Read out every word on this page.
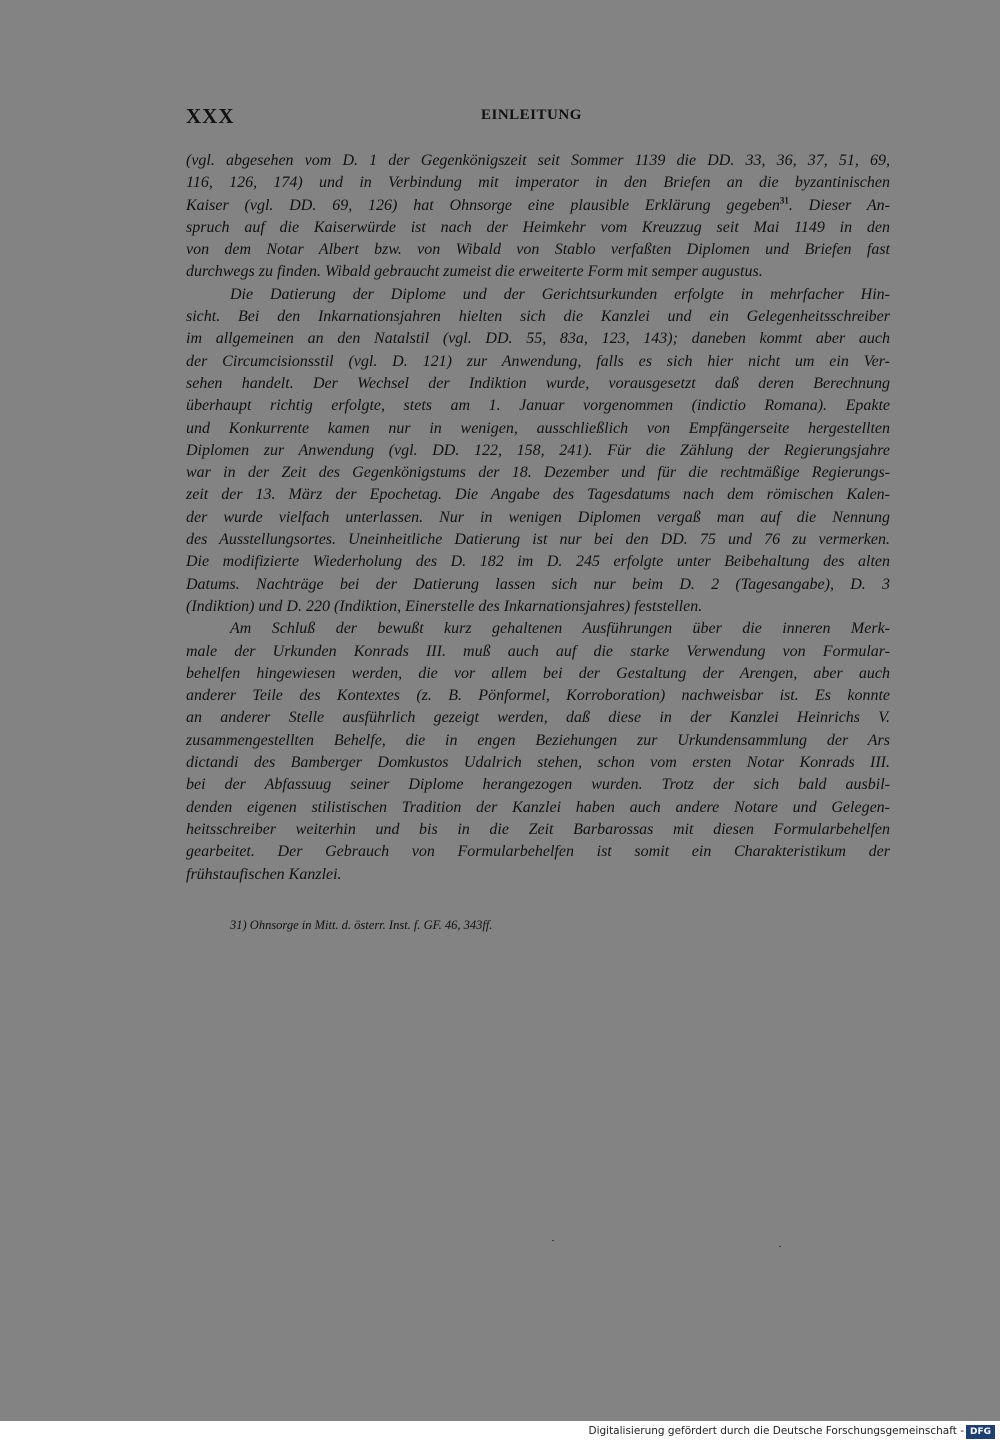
XXX	EINLEITUNG
(vgl. abgesehen vom D. 1 der Gegenkönigszeit seit Sommer 1139 die DD. 33, 36, 37, 51, 69,
116, 126, 174) und in Verbindung mit imperator in den Briefen an die byzantinischen
Kaiser (vgl. DD. 69, 126) hat Ohnsorge eine plausible Erklärung gegeben$^{31}$. Dieser An-
spruch auf die Kaiserwürde ist nach der Heimkehr vom Kreuzzug seit Mai 1149 in den
von dem Notar Albert bzw. von Wibald von Stablo verfaßten Diplomen und Briefen fast
durchwegs zu finden. Wibald gebraucht zumeist die erweiterte Form mit semper augustus.
Die Datierung der Diplome und der Gerichtsurkunden erfolgte in mehrfacher Hin-
sicht. Bei den Inkarnationsjahren hielten sich die Kanzlei und ein Gelegenheitsschreiber
im allgemeinen an den Natalstil (vgl. DD. 55, 83a, 123, 143); daneben kommt aber auch
der Circumcisionsstil (vgl. D. 121) zur Anwendung, falls es sich hier nicht um ein Ver-
sehen handelt. Der Wechsel der Indiktion wurde, vorausgesetzt daß deren Berechnung
überhaupt richtig erfolgte, stets am 1. Januar vorgenommen (indictio Romana). Epakte
und Konkurrente kamen nur in wenigen, ausschließlich von Empfängerseite hergestellten
Diplomen zur Anwendung (vgl. DD. 122, 158, 241). Für die Zählung der Regierungsjahre
war in der Zeit des Gegenkönigstums der 18. Dezember und für die rechtmäßige Regierungs-
zeit der 13. März der Epochetag. Die Angabe des Tagesdatums nach dem römischen Kalen-
der wurde vielfach unterlassen. Nur in wenigen Diplomen vergaß man auf die Nennung
des Ausstellungsortes. Uneinheitliche Datierung ist nur bei den DD. 75 und 76 zu vermerken.
Die modifizierte Wiederholung des D. 182 im D. 245 erfolgte unter Beibehaltung des alten
Datums. Nachträge bei der Datierung lassen sich nur beim D. 2 (Tagesangabe), D. 3
(Indiktion) und D. 220 (Indiktion, Einerstelle des Inkarnationsjahres) feststellen.
Am Schluß der bewußt kurz gehaltenen Ausführungen über die inneren Merk-
male der Urkunden Konrads III. muß auch auf die starke Verwendung von Formular-
behelfen hingewiesen werden, die vor allem bei der Gestaltung der Arengen, aber auch
anderer Teile des Kontextes (z. B. Pönformel, Korroboration) nachweisbar ist. Es konnte
an anderer Stelle ausführlich gezeigt werden, daß diese in der Kanzlei Heinrichs V.
zusammengestellten Behelfe, die in engen Beziehungen zur Urkundensammlung der Ars
dictandi des Bamberger Domkustos Udalrich stehen, schon vom ersten Notar Konrads III.
bei der Abfassuug seiner Diplome herangezogen wurden. Trotz der sich bald ausbil-
denden eigenen stilistischen Tradition der Kanzlei haben auch andere Notare und Gelegen-
heitsschreiber weiterhin und bis in die Zeit Barbarossas mit diesen Formularbehelfen
gearbeitet. Der Gebrauch von Formularbehelfen ist somit ein Charakteristikum der
frühstaufischen Kanzlei.
31) Ohnsorge in Mitt. d. österr. Inst. f. GF. 46, 343ff.
Digitalisierung gefördert durch die Deutsche Forschungsgemeinschaft - DFG
